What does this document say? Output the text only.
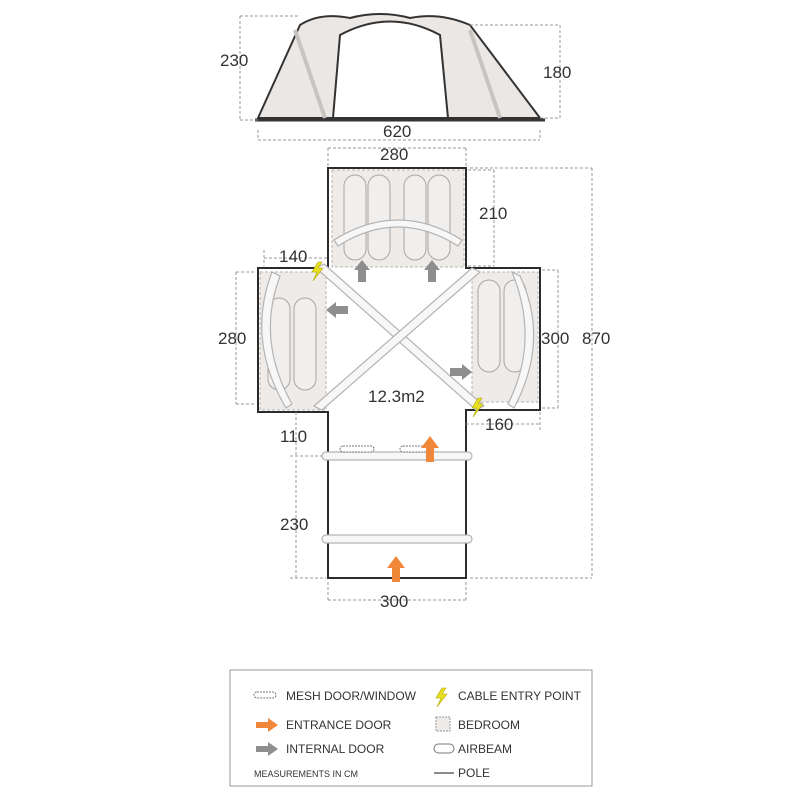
230
180
620
280
210
140
280	300 870
160
110
230
300
12.3m2
MESH DOOR/WINDOW	CABLE ENTRY POINT
ENTRANCE DOOR	BEDROOM
INTERNAL DOOR	AIRBEAM
MEASUREMENTS IN CM	POLE
